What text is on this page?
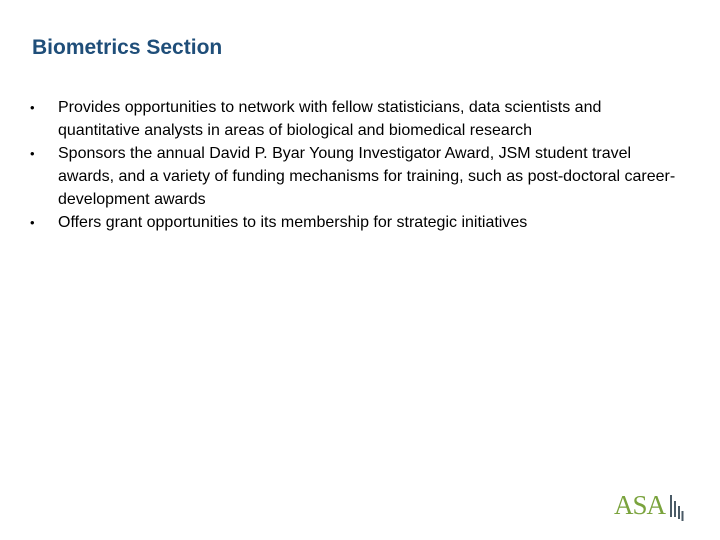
Biometrics Section
•	Provides opportunities to network with fellow statisticians, data scientists and quantitative analysts in areas of biological and biomedical research
•	Sponsors the annual David P. Byar Young Investigator Award, JSM student travel awards, and a variety of funding mechanisms for training, such as post-doctoral career-development awards
•	Offers grant opportunities to its membership for strategic initiatives
ASA
